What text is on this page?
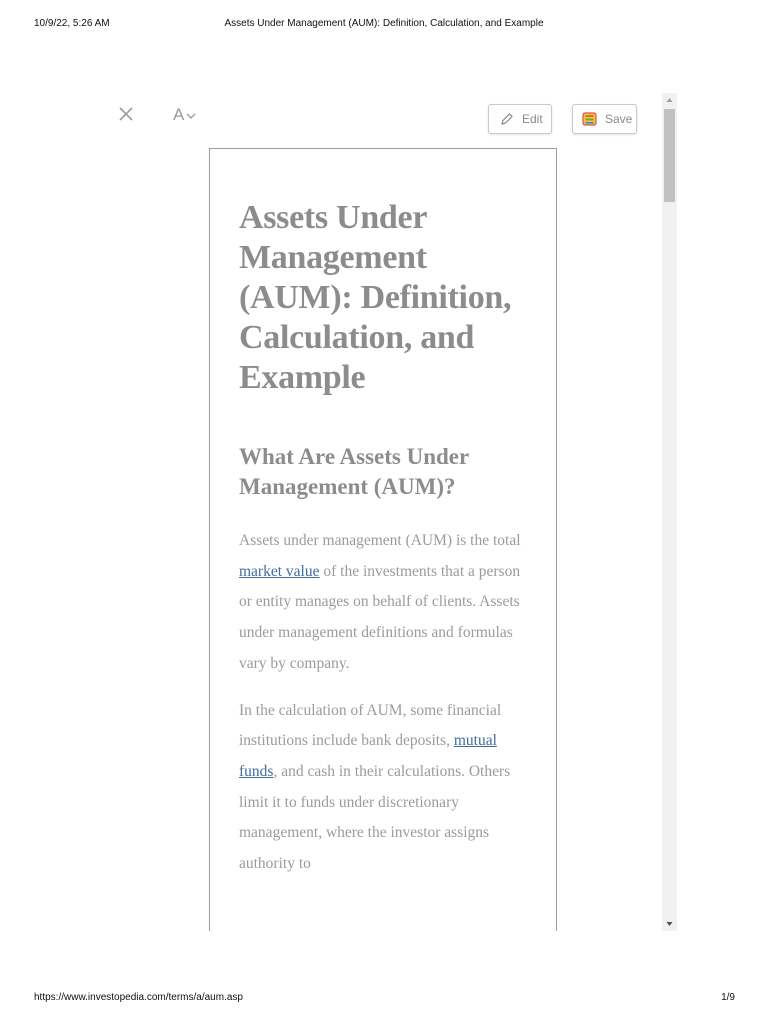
10/9/22, 5:26 AM	Assets Under Management (AUM): Definition, Calculation, and Example
A	Edit	Save
Assets Under Management (AUM): Definition, Calculation, and Example
What Are Assets Under Management (AUM)?

Assets under management (AUM) is the total market value of the investments that a person or entity manages on behalf of clients. Assets under management definitions and formulas vary by company.

In the calculation of AUM, some financial institutions include bank deposits, mutual funds, and cash in their calculations. Others limit it to funds under discretionary management, where the investor assigns authority to

https://www.investopedia.com/terms/a/aum.asp	1/9
